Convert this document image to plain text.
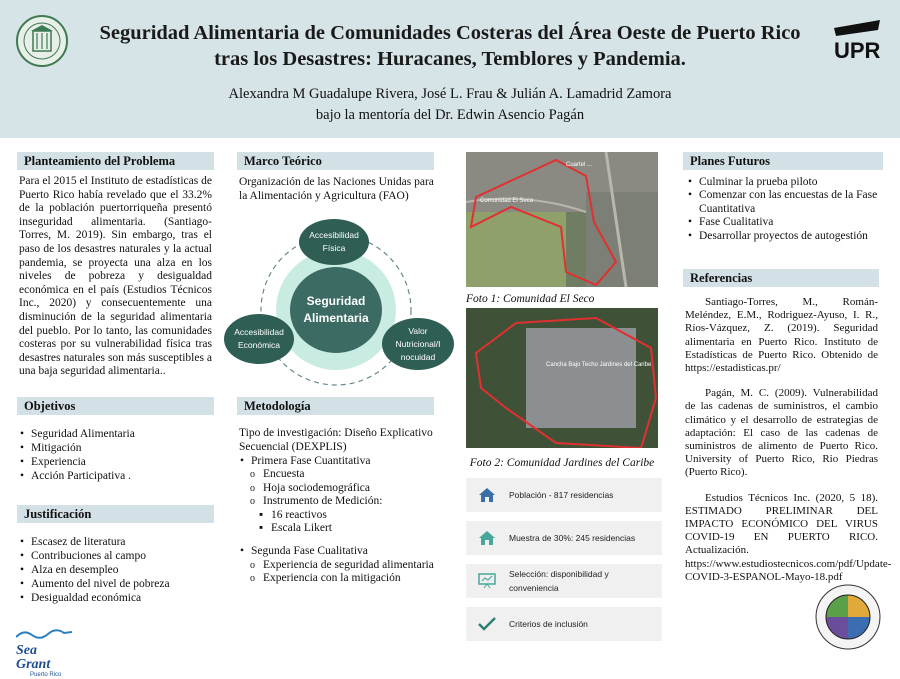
Seguridad Alimentaria de Comunidades Costeras del Área Oeste de Puerto Rico
tras los Desastres: Huracanes, Temblores y Pandemia.
Alexandra M Guadalupe Rivera, José L. Frau & Julián A. Lamadrid Zamora
bajo la mentoría del Dr. Edwin Asencio Pagán
UPR
Planteamiento del Problema
Para el 2015 el Instituto de estadísticas de Puerto Rico había revelado que el 33.2% de la población puertorriqueña presentó inseguridad alimentaria. (Santiago-Torres, M. 2019). Sin embargo, tras el paso de los desastres naturales y la actual pandemia, se proyecta una alza en los niveles de pobreza y desigualdad económica en el país (Estudios Técnicos Inc., 2020) y consecuentemente una disminución de la seguridad alimentaria del pueblo. Por lo tanto, las comunidades costeras por su vulnerabilidad física tras desastres naturales son más susceptibles a una baja seguridad alimentaria..
Objetivos
• Seguridad Alimentaria
• Mitigación
• Experiencia
• Acción Participativa .
Justificación
• Escasez de literatura
• Contribuciones al campo
• Alza en desempleo
• Aumento del nivel de pobreza
• Desigualdad económica
Sea Grant
Puerto Rico
Marco Teórico
Organización de las Naciones Unidas para la Alimentación y Agricultura (FAO)
Seguridad Alimentaria
Accesibilidad Física
Accesibilidad Económica
Valor Nutricional/I nocuidad
Metodología
Tipo de investigación: Diseño Explicativo Secuencial (DEXPLIS)
• Primera Fase Cuantitativa
o Encuesta
o Hoja sociodemográfica
o Instrumento de Medición:
▪ 16 reactivos
▪ Escala Likert
• Segunda Fase Cualitativa
o Experiencia de seguridad alimentaria
o Experiencia con la mitigación
Cuartel ...
Comunidad El Seco
Foto 1: Comunidad El Seco
Cancha Bajo Techo Jardines del Caribe
Foto 2: Comunidad Jardines del Caribe
Población - 817 residencias
Muestra de 30%: 245 residencias
Selección: disponibilidad y conveniencia
Criterios de inclusión
Planes Futuros
• Culminar la prueba piloto
• Comenzar con las encuestas de la Fase Cuantitativa
• Fase Cualitativa
• Desarrollar proyectos de autogestión
Referencias

Santiago-Torres, M., Román-Meléndez, E.M., Rodriguez-Ayuso, I. R., Ríos-Vázquez, Z. (2019). Seguridad alimentaria en Puerto Rico. Instituto de Estadísticas de Puerto Rico. Obtenido de https://estadisticas.pr/

Pagán, M. C. (2009). Vulnerabilidad de las cadenas de suministros, el cambio climático y el desarrollo de estrategias de adaptación: El caso de las cadenas de suministros de alimento de Puerto Rico. University of Puerto Rico, Rio Piedras (Puerto Rico).

Estudios Técnicos Inc. (2020, 5 18). ESTIMADO PRELIMINAR DEL IMPACTO ECONÓMICO DEL VIRUS COVID-19 EN PUERTO RICO. Actualización. https://www.estudiostecnicos.com/pdf/Update-COVID-3-ESPANOL-Mayo-18.pdf
